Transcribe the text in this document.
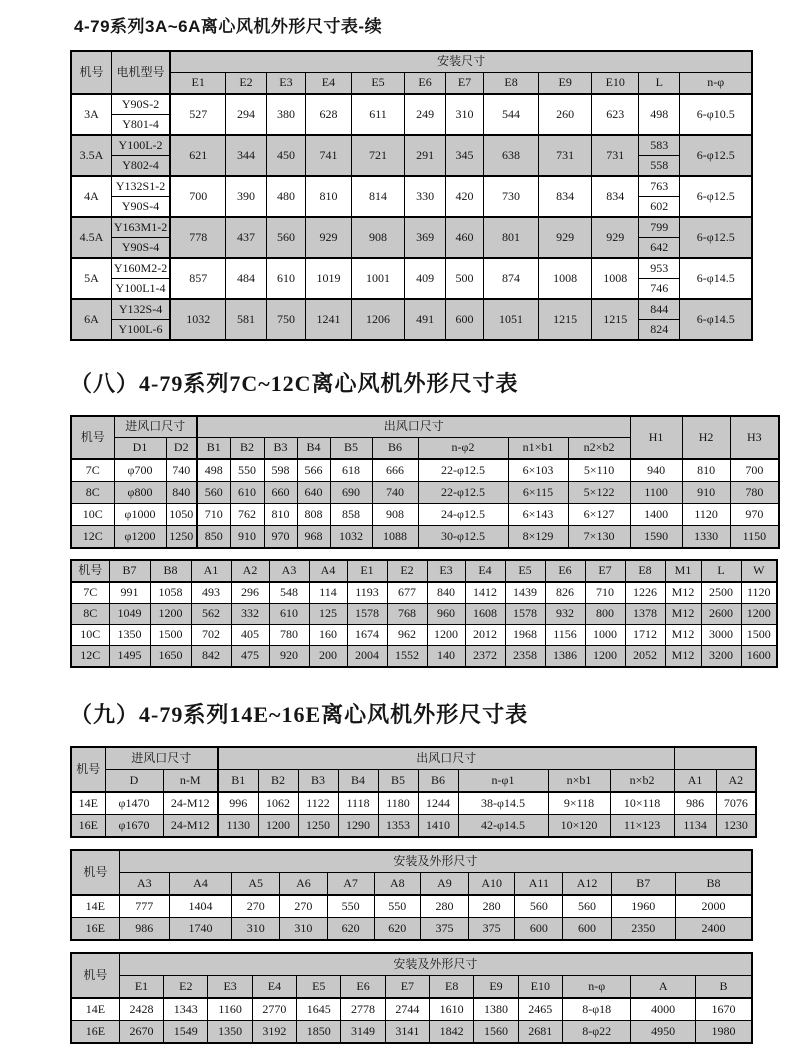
4-79系列3A~6A离心风机外形尺寸表-续
机号	电机型号	安装尺寸											
		E1	E2	E3	E4	E5	E6	E7	E8	E9	E10	L	n-φ
3A	Y90S-2	527	294	380	628	611	249	310	544	260	623	498	6-φ10.5
	Y801-4												
3.5A	Y100L-2	621	344	450	741	721	291	345	638	731	731	583	6-φ12.5
	Y802-4											558	
4A	Y132S1-2	700	390	480	810	814	330	420	730	834	834	763	6-φ12.5
	Y90S-4											602	
4.5A	Y163M1-2	778	437	560	929	908	369	460	801	929	929	799	6-φ12.5
	Y90S-4											642	
5A	Y160M2-2	857	484	610	1019	1001	409	500	874	1008	1008	953	6-φ14.5
	Y100L1-4											746	
6A	Y132S-4	1032	581	750	1241	1206	491	600	1051	1215	1215	844	6-φ14.5
	Y100L-6											824	
（八）4-79系列7C~12C离心风机外形尺寸表
机号	进风口尺寸		出风口尺寸									H1	H2	H3
	D1	D2	B1	B2	B3	B4	B5	B6	n-φ2	n1×b1	n2×b2			
7C	φ700	740	498	550	598	566	618	666	22-φ12.5	6×103	5×110	940	810	700
8C	φ800	840	560	610	660	640	690	740	22-φ12.5	6×115	5×122	1100	910	780
10C	φ1000	1050	710	762	810	808	858	908	24-φ12.5	6×143	6×127	1400	1120	970
12C	φ1200	1250	850	910	970	968	1032	1088	30-φ12.5	8×129	7×130	1590	1330	1150
机号	B7	B8	A1	A2	A3	A4	E1	E2	E3	E4	E5	E6	E7	E8	M1	L	W
7C	991	1058	493	296	548	114	1193	677	840	1412	1439	826	710	1226	M12	2500	1120
8C	1049	1200	562	332	610	125	1578	768	960	1608	1578	932	800	1378	M12	2600	1200
10C	1350	1500	702	405	780	160	1674	962	1200	2012	1968	1156	1000	1712	M12	3000	1500
12C	1495	1650	842	475	920	200	2004	1552	140	2372	2358	1386	1200	2052	M12	3200	1600
（九）4-79系列14E~16E离心风机外形尺寸表
机号	进风口尺寸		出风口尺寸										
	D	n-M	B1	B2	B3	B4	B5	B6	n-φ1	n×b1	n×b2	A1	A2
14E	φ1470	24-M12	996	1062	1122	1118	1180	1244	38-φ14.5	9×118	10×118	986	7076
16E	φ1670	24-M12	1130	1200	1250	1290	1353	1410	42-φ14.5	10×120	11×123	1134	1230
机号	安装及外形尺寸											
	A3	A4	A5	A6	A7	A8	A9	A10	A11	A12	B7	B8
14E	777	1404	270	270	550	550	280	280	560	560	1960	2000
16E	986	1740	310	310	620	620	375	375	600	600	2350	2400
机号	安装及外形尺寸												
	E1	E2	E3	E4	E5	E6	E7	E8	E9	E10	n-φ	A	B
14E	2428	1343	1160	2770	1645	2778	2744	1610	1380	2465	8-φ18	4000	1670
16E	2670	1549	1350	3192	1850	3149	3141	1842	1560	2681	8-φ22	4950	1980
